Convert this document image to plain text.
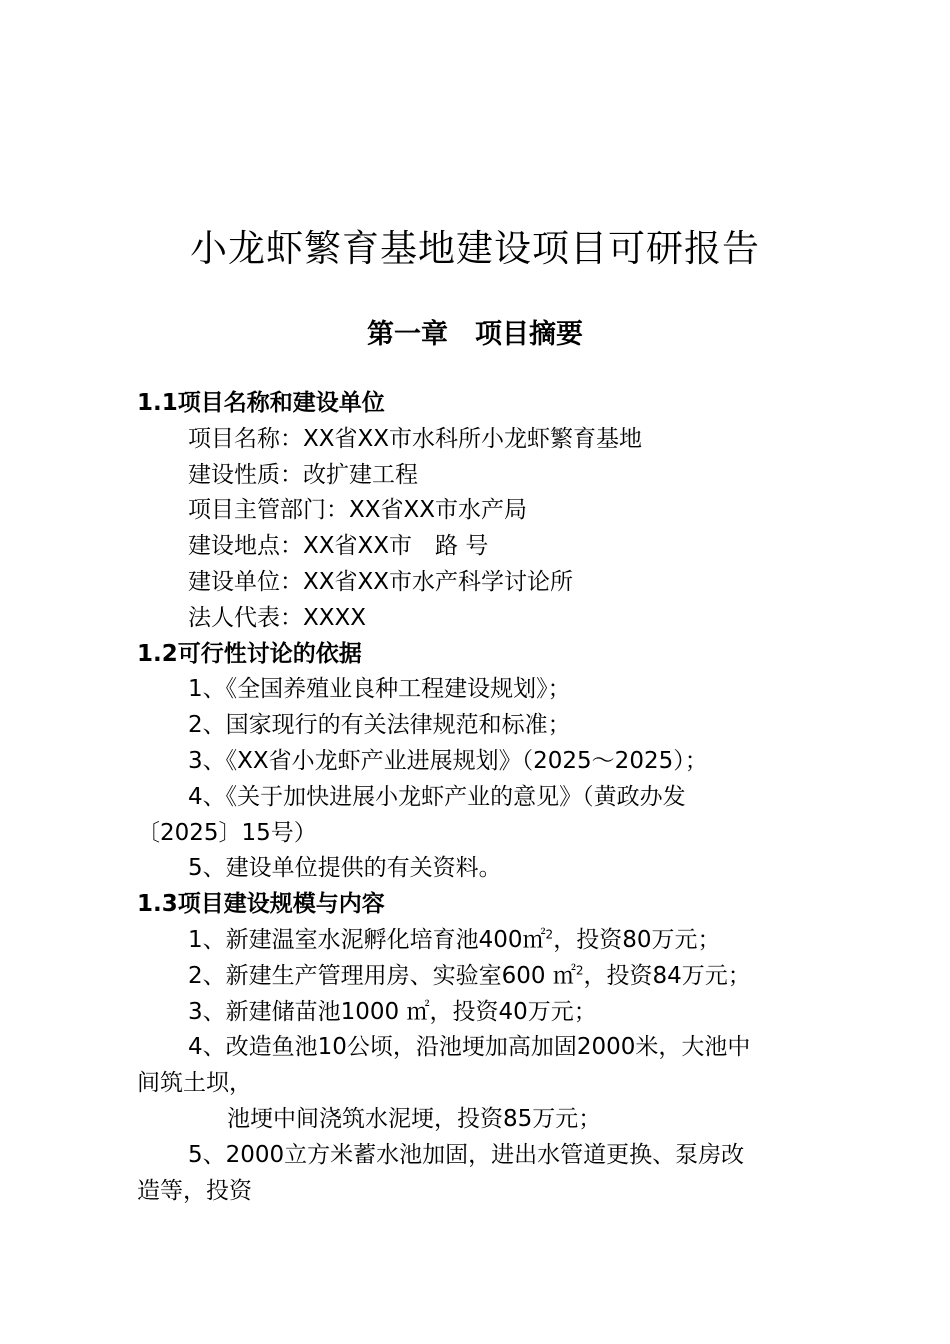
小龙虾繁育基地建设项目可研报告
第一章　项目摘要
1.1项目名称和建设单位
项目名称：XX省XX市水科所小龙虾繁育基地
建设性质：改扩建工程
项目主管部门：XX省XX市水产局
建设地点：XX省XX市　路 号
建设单位：XX省XX市水产科学讨论所
法人代表：XXXX
1.2可行性讨论的依据
1、《全国养殖业良种工程建设规划》；
2、国家现行的有关法律规范和标准；
3、《XX省小龙虾产业进展规划》（2025～2025）；
4、《关于加快进展小龙虾产业的意见》（黄政办发
〔2025〕15号）
5、建设单位提供的有关资料。
1.3项目建设规模与内容
1、新建温室水泥孵化培育池400㎡$^2$，投资80万元；
2、新建生产管理用房、实验室600 ㎡$^2$，投资84万元；
3、新建储苗池1000 ㎡，投资40万元；
4、改造鱼池10公顷，沿池埂加高加固2000米，大池中
间筑土坝，
池埂中间浇筑水泥埂，投资85万元；
5、2000立方米蓄水池加固，进出水管道更换、泵房改
造等，投资
